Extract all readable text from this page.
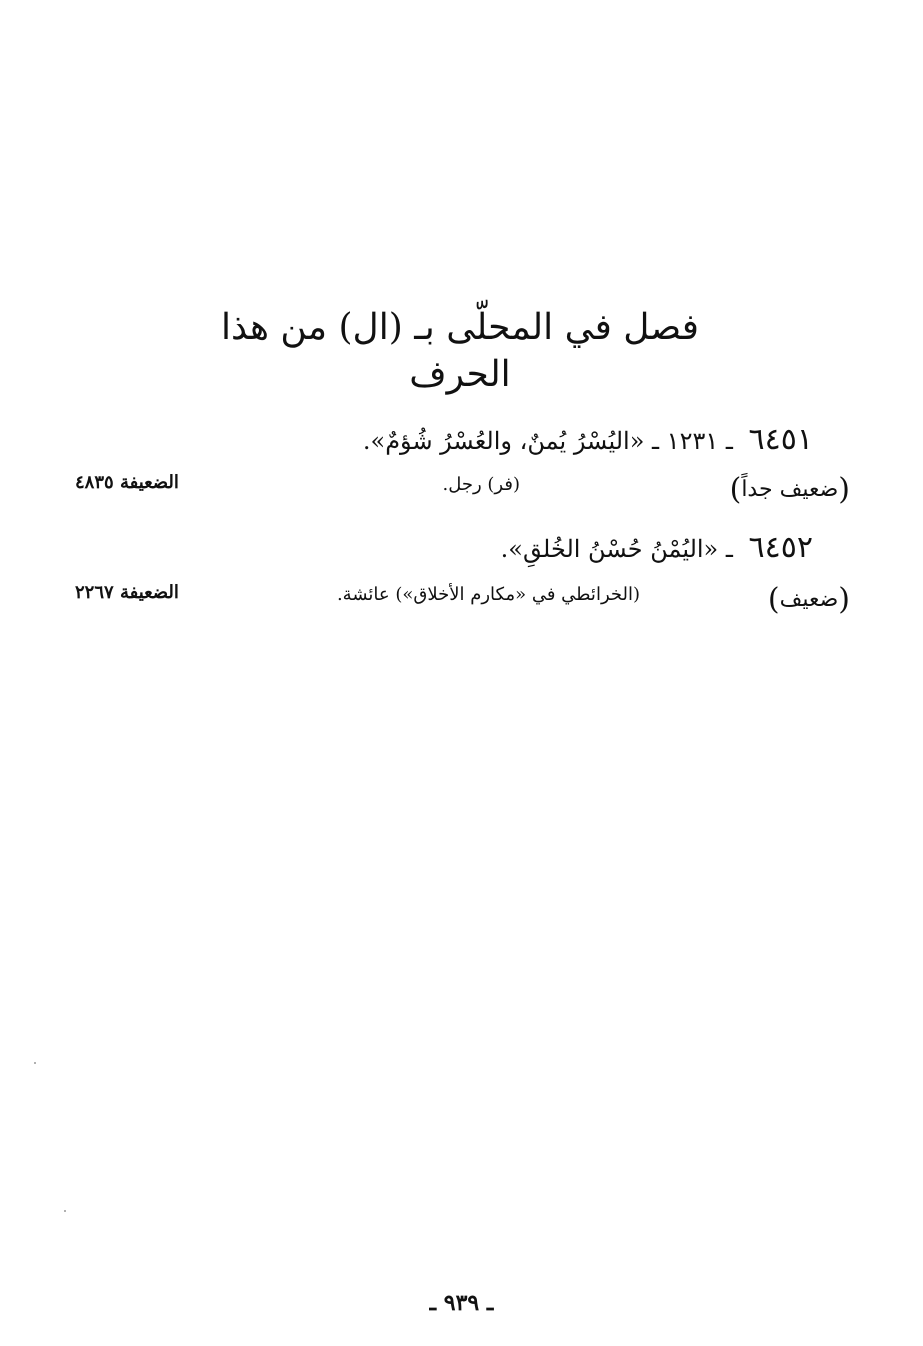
فصل في المحلّى بـ (ال) من هذا الحرف
٦٤٥١ ـ ١٢٣١ ـ «اليُسْرُ يُمنٌ، والعُسْرُ شُؤمٌ».
(ضعيف جداً)
(فر) رجل.
الضعيفة ٤٨٣٥
٦٤٥٢ ـ «اليُمْنُ حُسْنُ الخُلقِ».
(ضعيف)
(الخرائطي في «مكارم الأخلاق») عائشة.
الضعيفة ٢٢٦٧
ـ ٩٣٩ ـ
